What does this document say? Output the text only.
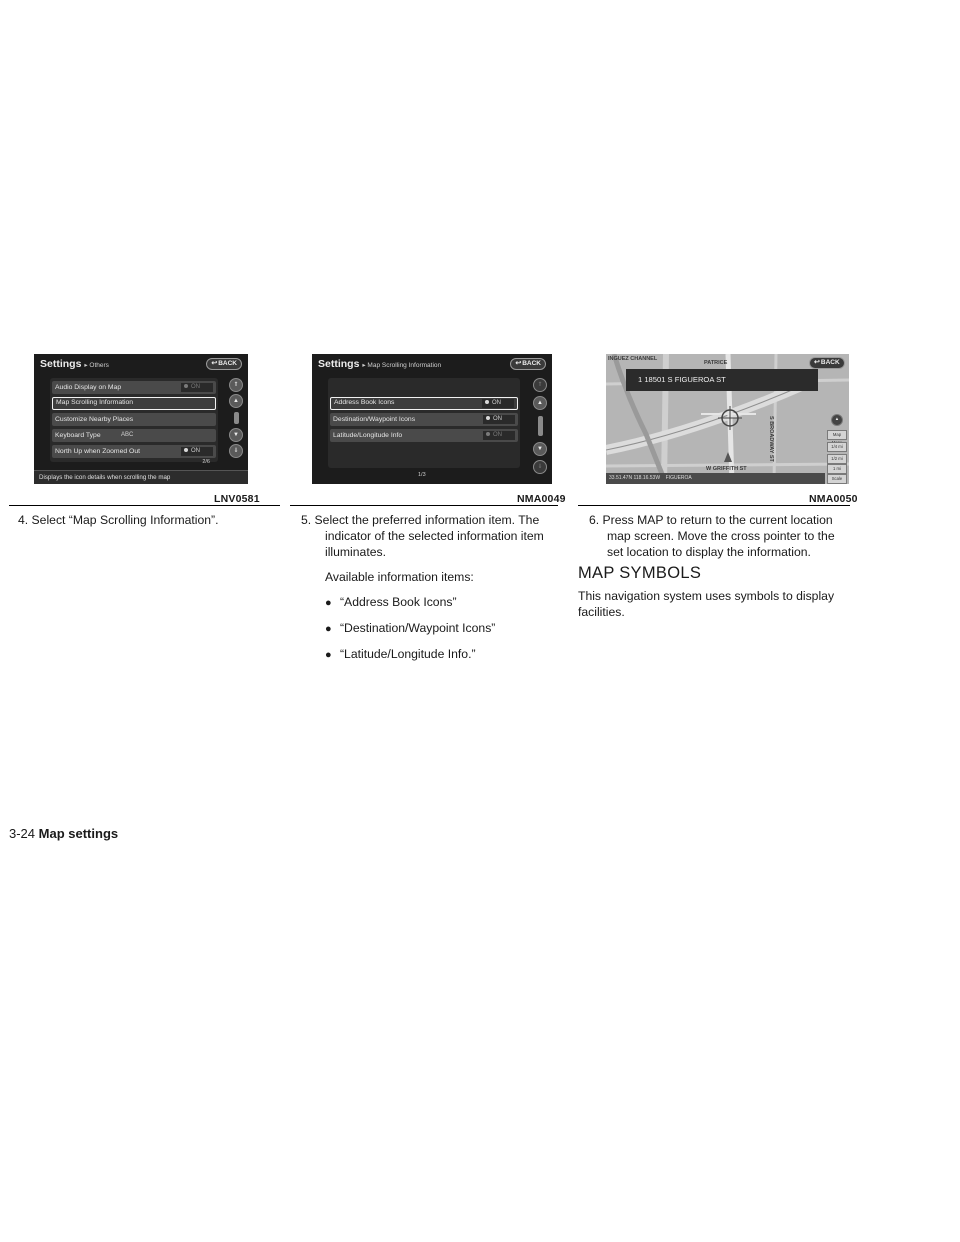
Settings ▸ Others	↩BACK
Audio Display on Map	ON
Map Scrolling Information
Customize Nearby Places
Keyboard Type	ABC
North Up when Zoomed Out	ON
2/6
⇑
▲
▼
⇓
Displays the icon details when scrolling the map
LNV0581
Settings ▸ Map Scrolling Information	↩BACK
Address Book Icons	ON
Destination/Waypoint Icons	ON
Latitude/Longitude Info	ON
1/3
⇑
▲
▼
⇓
NMA0049
INGUEZ CHANNEL
PATRICE
S BROADWAY ST
W GRIFFITH ST
1 18501 S FIGUEROA ST
33.51.47N 118.16.53W FIGUEROA
↩BACK
▲
Map
1/4 mi
1/2 mi
1 mi
Scale
NMA0050
4. Select “Map Scrolling Information”.	5. Select the preferred information item. The
indicator of the selected information item
illuminates.
Available information items:
● “Address Book Icons”
● “Destination/Waypoint Icons”
● “Latitude/Longitude Info.”
6. Press MAP to return to the current location
map screen. Move the cross pointer to the
set location to display the information.
MAP SYMBOLS
This navigation system uses symbols to display
facilities.
3-24 Map settings
